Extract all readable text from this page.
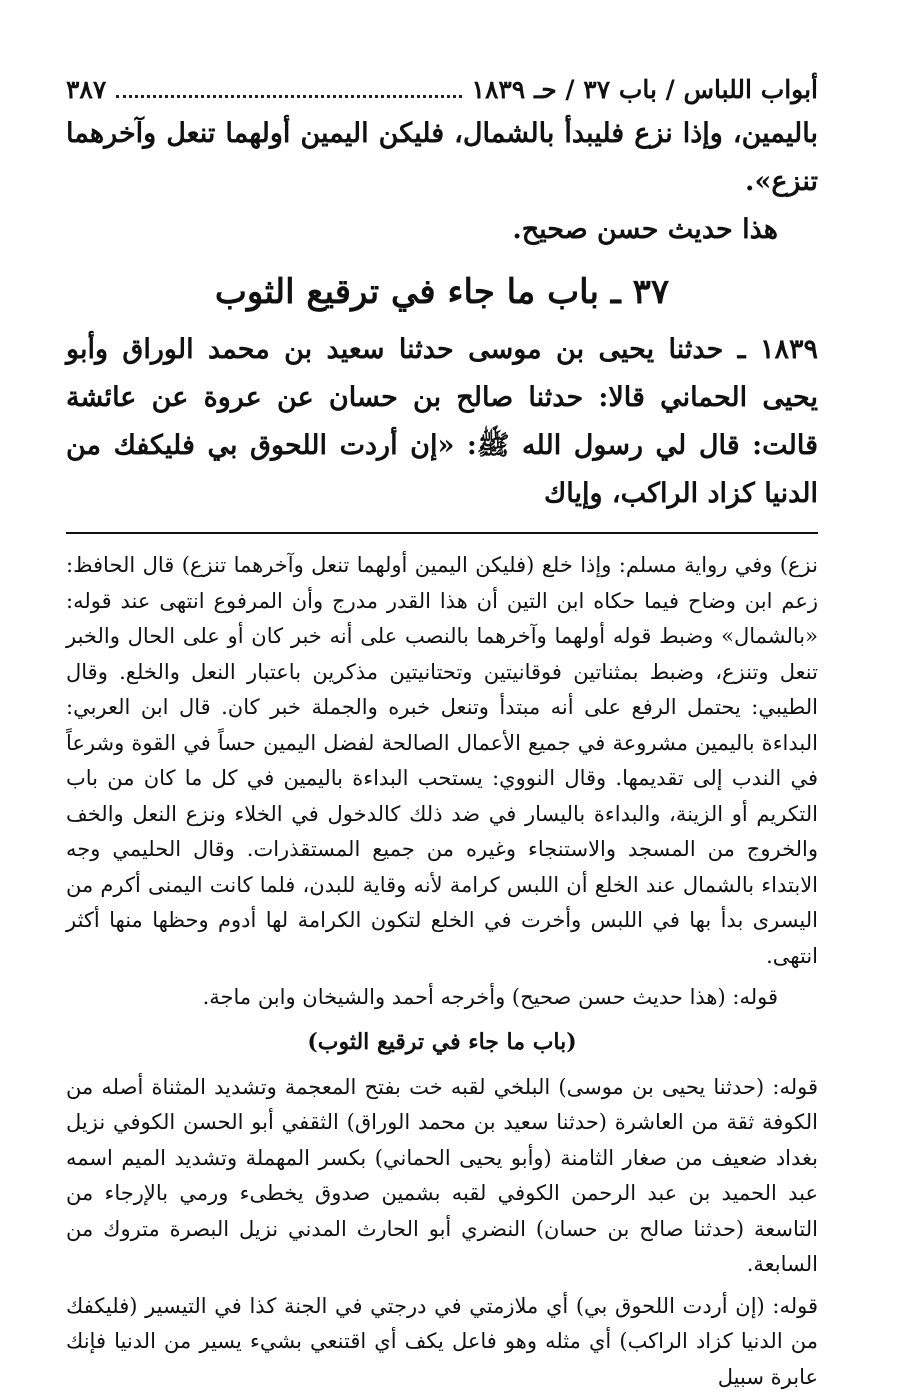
أبواب اللباس / باب ٣٧ / حـ ١٨٣٩
٣٨٧

باليمين، وإذا نزع فليبدأ بالشمال، فليكن اليمين أولهما تنعل وآخرهما تنزع».

هذا حديث حسن صحيح.

٣٧ ـ باب ما جاء في ترقيع الثوب

١٨٣٩ ـ حدثنا يحيى بن موسى حدثنا سعيد بن محمد الوراق وأبو يحيى الحماني قالا: حدثنا صالح بن حسان عن عروة عن عائشة قالت: قال لي رسول الله ﷺ: «إن أردت اللحوق بي فليكفك من الدنيا كزاد الراكب، وإياك

نزع) وفي رواية مسلم: وإذا خلع (فليكن اليمين أولهما تنعل وآخرهما تنزع) قال الحافظ: زعم ابن وضاح فيما حكاه ابن التين أن هذا القدر مدرج وأن المرفوع انتهى عند قوله: «بالشمال» وضبط قوله أولهما وآخرهما بالنصب على أنه خبر كان أو على الحال والخبر تنعل وتنزع، وضبط بمثناتين فوقانيتين وتحتانيتين مذكرين باعتبار النعل والخلع. وقال الطيبي: يحتمل الرفع على أنه مبتدأ وتنعل خبره والجملة خبر كان. قال ابن العربي: البداءة باليمين مشروعة في جميع الأعمال الصالحة لفضل اليمين حساً في القوة وشرعاً في الندب إلى تقديمها. وقال النووي: يستحب البداءة باليمين في كل ما كان من باب التكريم أو الزينة، والبداءة باليسار في ضد ذلك كالدخول في الخلاء ونزع النعل والخف والخروج من المسجد والاستنجاء وغيره من جميع المستقذرات. وقال الحليمي وجه الابتداء بالشمال عند الخلع أن اللبس كرامة لأنه وقاية للبدن، فلما كانت اليمنى أكرم من اليسرى بدأ بها في اللبس وأخرت في الخلع لتكون الكرامة لها أدوم وحظها منها أكثر انتهى.

قوله: (هذا حديث حسن صحيح) وأخرجه أحمد والشيخان وابن ماجة.

(باب ما جاء في ترقيع الثوب)

قوله: (حدثنا يحيى بن موسى) البلخي لقبه خت بفتح المعجمة وتشديد المثناة أصله من الكوفة ثقة من العاشرة (حدثنا سعيد بن محمد الوراق) الثقفي أبو الحسن الكوفي نزيل بغداد ضعيف من صغار الثامنة (وأبو يحيى الحماني) بكسر المهملة وتشديد الميم اسمه عبد الحميد بن عبد الرحمن الكوفي لقبه بشمين صدوق يخطىء ورمي بالإرجاء من التاسعة (حدثنا صالح بن حسان) النضري أبو الحارث المدني نزيل البصرة متروك من السابعة.

قوله: (إن أردت اللحوق بي) أي ملازمتي في درجتي في الجنة كذا في التيسير (فليكفك من الدنيا كزاد الراكب) أي مثله وهو فاعل يكف أي اقتنعي بشيء يسير من الدنيا فإنك عابرة سبيل
